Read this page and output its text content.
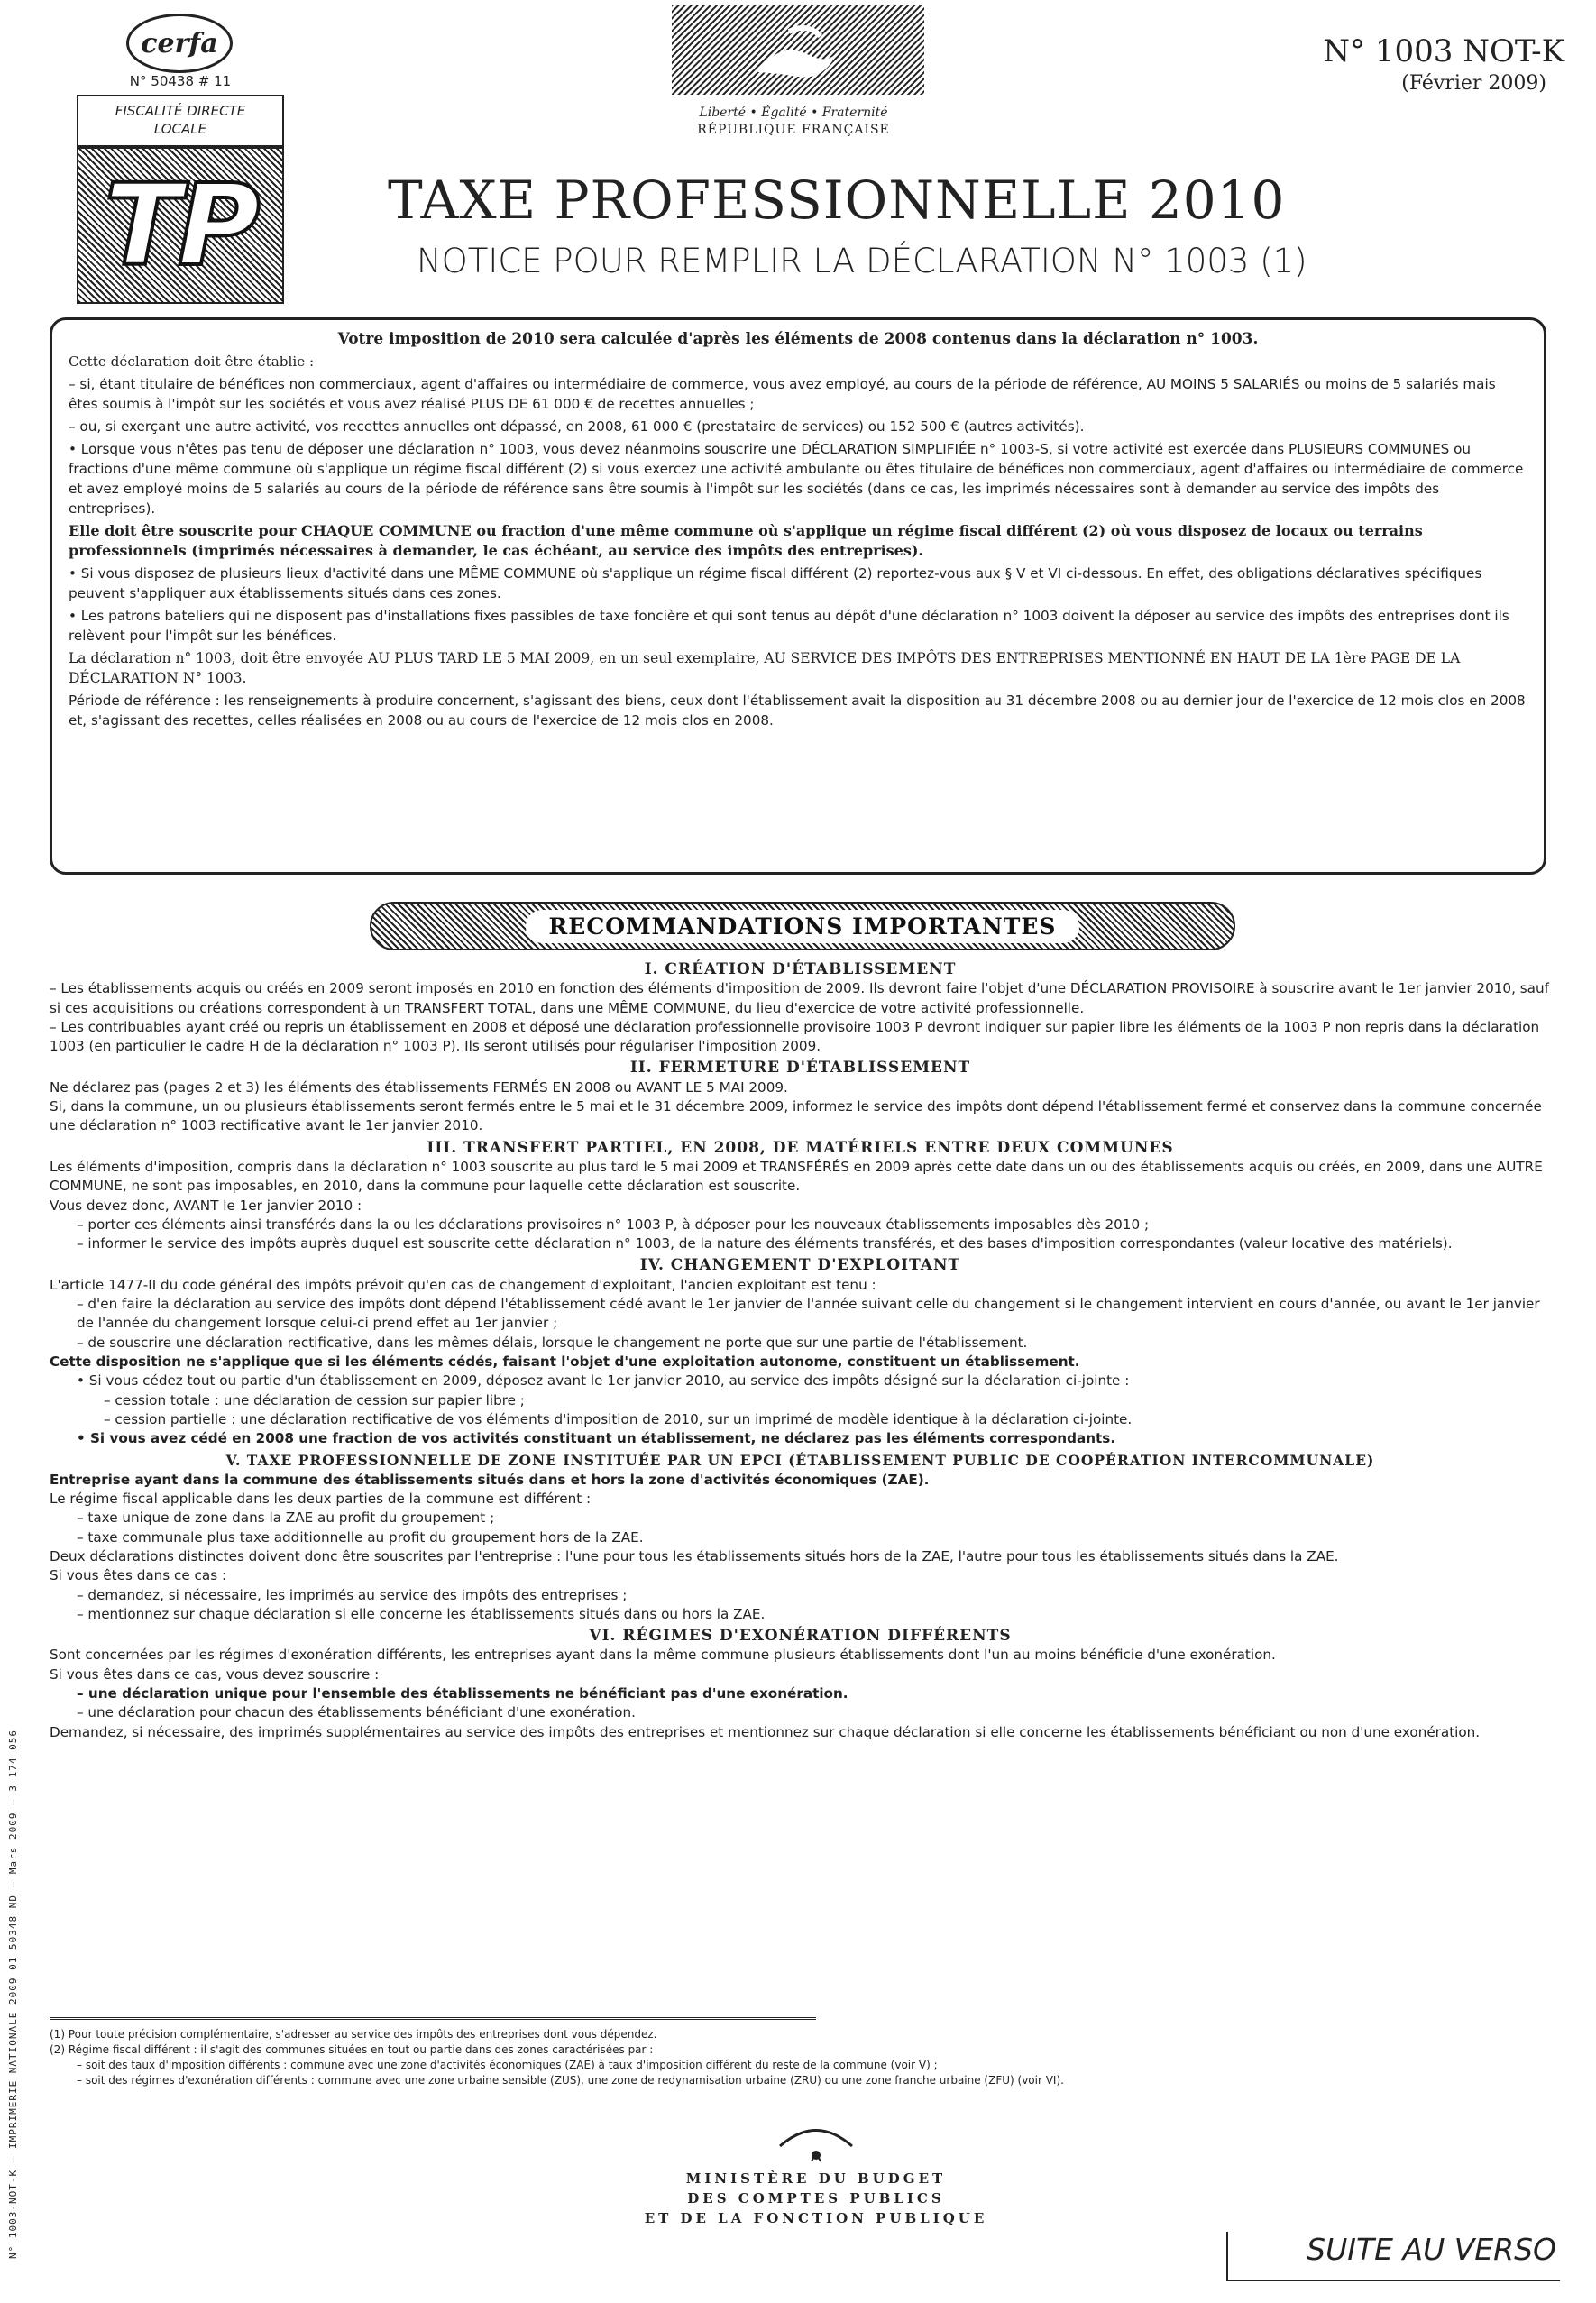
cerfa
N° 50438 # 11
FISCALITÉ DIRECTE
LOCALE
TP
Liberté • Égalité • Fraternité
RÉPUBLIQUE FRANÇAISE
N° 1003 NOT-K
(Février 2009)
TAXE PROFESSIONNELLE 2010
NOTICE POUR REMPLIR LA DÉCLARATION N° 1003 (1)

Votre imposition de 2010 sera calculée d'après les éléments de 2008 contenus dans la déclaration n° 1003.

Cette déclaration doit être établie :

– si, étant titulaire de bénéfices non commerciaux, agent d'affaires ou intermédiaire de commerce, vous avez employé, au cours de la période de référence, AU MOINS 5 SALARIÉS ou moins de 5 salariés mais êtes soumis à l'impôt sur les sociétés et vous avez réalisé PLUS DE 61 000 € de recettes annuelles ;

– ou, si exerçant une autre activité, vos recettes annuelles ont dépassé, en 2008, 61 000 € (prestataire de services) ou 152 500 € (autres activités).

• Lorsque vous n'êtes pas tenu de déposer une déclaration n° 1003, vous devez néanmoins souscrire une DÉCLARATION SIMPLIFIÉE n° 1003-S, si votre activité est exercée dans PLUSIEURS COMMUNES ou fractions d'une même commune où s'applique un régime fiscal différent (2) si vous exercez une activité ambulante ou êtes titulaire de bénéfices non commerciaux, agent d'affaires ou intermédiaire de commerce et avez employé moins de 5 salariés au cours de la période de référence sans être soumis à l'impôt sur les sociétés (dans ce cas, les imprimés nécessaires sont à demander au service des impôts des entreprises).

Elle doit être souscrite pour CHAQUE COMMUNE ou fraction d'une même commune où s'applique un régime fiscal différent (2) où vous disposez de locaux ou terrains professionnels (imprimés nécessaires à demander, le cas échéant, au service des impôts des entreprises).

• Si vous disposez de plusieurs lieux d'activité dans une MÊME COMMUNE où s'applique un régime fiscal différent (2) reportez-vous aux § V et VI ci-dessous. En effet, des obligations déclaratives spécifiques peuvent s'appliquer aux établissements situés dans ces zones.

• Les patrons bateliers qui ne disposent pas d'installations fixes passibles de taxe foncière et qui sont tenus au dépôt d'une déclaration n° 1003 doivent la déposer au service des impôts des entreprises dont ils relèvent pour l'impôt sur les bénéfices.

La déclaration n° 1003, doit être envoyée AU PLUS TARD LE 5 MAI 2009, en un seul exemplaire, AU SERVICE DES IMPÔTS DES ENTREPRISES MENTIONNÉ EN HAUT DE LA 1ère PAGE DE LA DÉCLARATION N° 1003.

Période de référence : les renseignements à produire concernent, s'agissant des biens, ceux dont l'établissement avait la disposition au 31 décembre 2008 ou au dernier jour de l'exercice de 12 mois clos en 2008 et, s'agissant des recettes, celles réalisées en 2008 ou au cours de l'exercice de 12 mois clos en 2008.

RECOMMANDATIONS IMPORTANTES
I. CRÉATION D'ÉTABLISSEMENT

– Les établissements acquis ou créés en 2009 seront imposés en 2010 en fonction des éléments d'imposition de 2009. Ils devront faire l'objet d'une DÉCLARATION PROVISOIRE à souscrire avant le 1er janvier 2010, sauf si ces acquisitions ou créations correspondent à un TRANSFERT TOTAL, dans une MÊME COMMUNE, du lieu d'exercice de votre activité professionnelle.

– Les contribuables ayant créé ou repris un établissement en 2008 et déposé une déclaration professionnelle provisoire 1003 P devront indiquer sur papier libre les éléments de la 1003 P non repris dans la déclaration 1003 (en particulier le cadre H de la déclaration n° 1003 P). Ils seront utilisés pour régulariser l'imposition 2009.

II. FERMETURE D'ÉTABLISSEMENT

Ne déclarez pas (pages 2 et 3) les éléments des établissements FERMÉS EN 2008 ou AVANT LE 5 MAI 2009.

Si, dans la commune, un ou plusieurs établissements seront fermés entre le 5 mai et le 31 décembre 2009, informez le service des impôts dont dépend l'établissement fermé et conservez dans la commune concernée une déclaration n° 1003 rectificative avant le 1er janvier 2010.

III. TRANSFERT PARTIEL, EN 2008, DE MATÉRIELS ENTRE DEUX COMMUNES

Les éléments d'imposition, compris dans la déclaration n° 1003 souscrite au plus tard le 5 mai 2009 et TRANSFÉRÉS en 2009 après cette date dans un ou des établissements acquis ou créés, en 2009, dans une AUTRE COMMUNE, ne sont pas imposables, en 2010, dans la commune pour laquelle cette déclaration est souscrite.

Vous devez donc, AVANT le 1er janvier 2010 :

– porter ces éléments ainsi transférés dans la ou les déclarations provisoires n° 1003 P, à déposer pour les nouveaux établissements imposables dès 2010 ;

– informer le service des impôts auprès duquel est souscrite cette déclaration n° 1003, de la nature des éléments transférés, et des bases d'imposition correspondantes (valeur locative des matériels).

IV. CHANGEMENT D'EXPLOITANT

L'article 1477-II du code général des impôts prévoit qu'en cas de changement d'exploitant, l'ancien exploitant est tenu :

– d'en faire la déclaration au service des impôts dont dépend l'établissement cédé avant le 1er janvier de l'année suivant celle du changement si le changement intervient en cours d'année, ou avant le 1er janvier de l'année du changement lorsque celui-ci prend effet au 1er janvier ;

– de souscrire une déclaration rectificative, dans les mêmes délais, lorsque le changement ne porte que sur une partie de l'établissement.

Cette disposition ne s'applique que si les éléments cédés, faisant l'objet d'une exploitation autonome, constituent un établissement.

• Si vous cédez tout ou partie d'un établissement en 2009, déposez avant le 1er janvier 2010, au service des impôts désigné sur la déclaration ci-jointe :

– cession totale : une déclaration de cession sur papier libre ;

– cession partielle : une déclaration rectificative de vos éléments d'imposition de 2010, sur un imprimé de modèle identique à la déclaration ci-jointe.

• Si vous avez cédé en 2008 une fraction de vos activités constituant un établissement, ne déclarez pas les éléments correspondants.

V. TAXE PROFESSIONNELLE DE ZONE INSTITUÉE PAR UN EPCI (ÉTABLISSEMENT PUBLIC DE COOPÉRATION INTERCOMMUNALE)

Entreprise ayant dans la commune des établissements situés dans et hors la zone d'activités économiques (ZAE).

Le régime fiscal applicable dans les deux parties de la commune est différent :

– taxe unique de zone dans la ZAE au profit du groupement ;

– taxe communale plus taxe additionnelle au profit du groupement hors de la ZAE.

Deux déclarations distinctes doivent donc être souscrites par l'entreprise : l'une pour tous les établissements situés hors de la ZAE, l'autre pour tous les établissements situés dans la ZAE.

Si vous êtes dans ce cas :

– demandez, si nécessaire, les imprimés au service des impôts des entreprises ;

– mentionnez sur chaque déclaration si elle concerne les établissements situés dans ou hors la ZAE.

VI. RÉGIMES D'EXONÉRATION DIFFÉRENTS

Sont concernées par les régimes d'exonération différents, les entreprises ayant dans la même commune plusieurs établissements dont l'un au moins bénéficie d'une exonération.

Si vous êtes dans ce cas, vous devez souscrire :

– une déclaration unique pour l'ensemble des établissements ne bénéficiant pas d'une exonération.

– une déclaration pour chacun des établissements bénéficiant d'une exonération.

Demandez, si nécessaire, des imprimés supplémentaires au service des impôts des entreprises et mentionnez sur chaque déclaration si elle concerne les établissements bénéficiant ou non d'une exonération.

(1) Pour toute précision complémentaire, s'adresser au service des impôts des entreprises dont vous dépendez.

(2) Régime fiscal différent : il s'agit des communes situées en tout ou partie dans des zones caractérisées par :

– soit des taux d'imposition différents : commune avec une zone d'activités économiques (ZAE) à taux d'imposition différent du reste de la commune (voir V) ;

– soit des régimes d'exonération différents : commune avec une zone urbaine sensible (ZUS), une zone de redynamisation urbaine (ZRU) ou une zone franche urbaine (ZFU) (voir VI).

MINISTÈRE DU BUDGET
DES COMPTES PUBLICS
ET DE LA FONCTION PUBLIQUE
SUITE AU VERSO
N° 1003-NOT-K – IMPRIMERIE NATIONALE 2009 01 50348 ND – Mars 2009 – 3 174 056
